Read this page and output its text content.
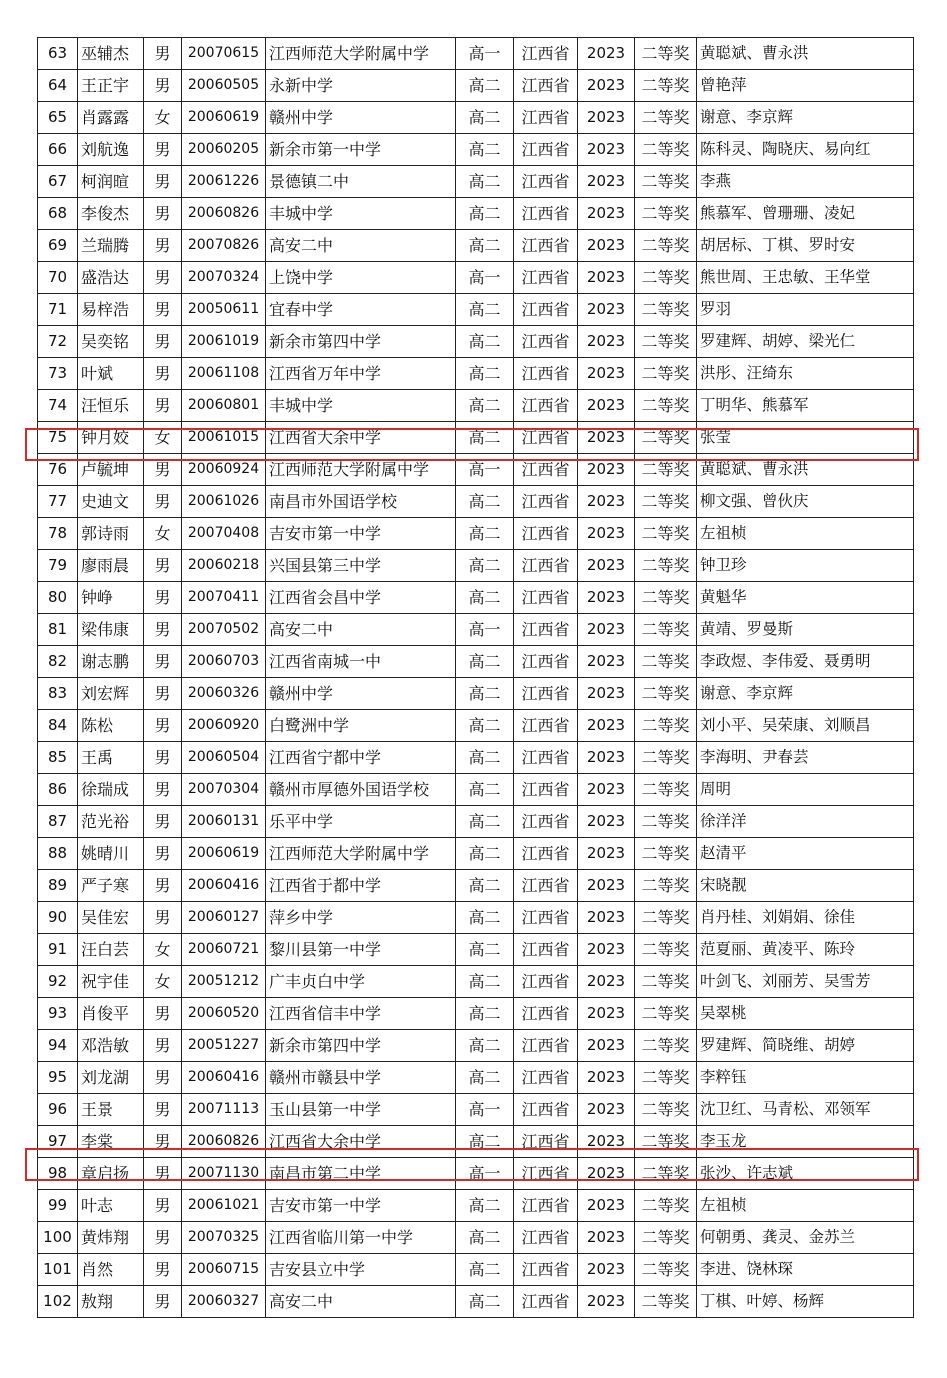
63	巫辅杰	男	20070615	江西师范大学附属中学	高一	江西省	2023	二等奖	黄聪斌、曹永洪
64	王正宇	男	20060505	永新中学	高二	江西省	2023	二等奖	曾艳萍
65	肖露露	女	20060619	赣州中学	高二	江西省	2023	二等奖	谢意、李京辉
66	刘航逸	男	20060205	新余市第一中学	高二	江西省	2023	二等奖	陈科灵、陶晓庆、易向红
67	柯润暄	男	20061226	景德镇二中	高二	江西省	2023	二等奖	李燕
68	李俊杰	男	20060826	丰城中学	高二	江西省	2023	二等奖	熊慕军、曾珊珊、凌妃
69	兰瑞腾	男	20070826	高安二中	高二	江西省	2023	二等奖	胡居标、丁棋、罗时安
70	盛浩达	男	20070324	上饶中学	高一	江西省	2023	二等奖	熊世周、王忠敏、王华堂
71	易梓浩	男	20050611	宜春中学	高二	江西省	2023	二等奖	罗羽
72	吴奕铭	男	20061019	新余市第四中学	高二	江西省	2023	二等奖	罗建辉、胡婷、梁光仁
73	叶斌	男	20061108	江西省万年中学	高二	江西省	2023	二等奖	洪彤、汪绮东
74	汪恒乐	男	20060801	丰城中学	高二	江西省	2023	二等奖	丁明华、熊慕军
75	钟月姣	女	20061015	江西省大余中学	高二	江西省	2023	二等奖	张莹
76	卢毓坤	男	20060924	江西师范大学附属中学	高一	江西省	2023	二等奖	黄聪斌、曹永洪
77	史迪文	男	20061026	南昌市外国语学校	高二	江西省	2023	二等奖	柳文强、曾伙庆
78	郭诗雨	女	20070408	吉安市第一中学	高二	江西省	2023	二等奖	左祖桢
79	廖雨晨	男	20060218	兴国县第三中学	高二	江西省	2023	二等奖	钟卫珍
80	钟峥	男	20070411	江西省会昌中学	高二	江西省	2023	二等奖	黄魁华
81	梁伟康	男	20070502	高安二中	高一	江西省	2023	二等奖	黄靖、罗曼斯
82	谢志鹏	男	20060703	江西省南城一中	高二	江西省	2023	二等奖	李政煜、李伟爱、聂勇明
83	刘宏辉	男	20060326	赣州中学	高二	江西省	2023	二等奖	谢意、李京辉
84	陈松	男	20060920	白鹭洲中学	高二	江西省	2023	二等奖	刘小平、吴荣康、刘顺昌
85	王禹	男	20060504	江西省宁都中学	高二	江西省	2023	二等奖	李海明、尹春芸
86	徐瑞成	男	20070304	赣州市厚德外国语学校	高二	江西省	2023	二等奖	周明
87	范光裕	男	20060131	乐平中学	高二	江西省	2023	二等奖	徐洋洋
88	姚晴川	男	20060619	江西师范大学附属中学	高二	江西省	2023	二等奖	赵清平
89	严子寒	男	20060416	江西省于都中学	高二	江西省	2023	二等奖	宋晓靓
90	吴佳宏	男	20060127	萍乡中学	高二	江西省	2023	二等奖	肖丹桂、刘娟娟、徐佳
91	汪白芸	女	20060721	黎川县第一中学	高二	江西省	2023	二等奖	范夏丽、黄凌平、陈玲
92	祝宇佳	女	20051212	广丰贞白中学	高二	江西省	2023	二等奖	叶剑飞、刘丽芳、吴雪芳
93	肖俊平	男	20060520	江西省信丰中学	高二	江西省	2023	二等奖	吴翠桃
94	邓浩敏	男	20051227	新余市第四中学	高二	江西省	2023	二等奖	罗建辉、简晓维、胡婷
95	刘龙湖	男	20060416	赣州市赣县中学	高二	江西省	2023	二等奖	李粹钰
96	王景	男	20071113	玉山县第一中学	高一	江西省	2023	二等奖	沈卫红、马青松、邓领军
97	李棠	男	20060826	江西省大余中学	高二	江西省	2023	二等奖	李玉龙
98	章启扬	男	20071130	南昌市第二中学	高一	江西省	2023	二等奖	张沙、许志斌
99	叶志	男	20061021	吉安市第一中学	高二	江西省	2023	二等奖	左祖桢
100	黄炜翔	男	20070325	江西省临川第一中学	高二	江西省	2023	二等奖	何朝勇、龚灵、金苏兰
101	肖然	男	20060715	吉安县立中学	高二	江西省	2023	二等奖	李进、饶林琛
102	敖翔	男	20060327	高安二中	高二	江西省	2023	二等奖	丁棋、叶婷、杨辉
